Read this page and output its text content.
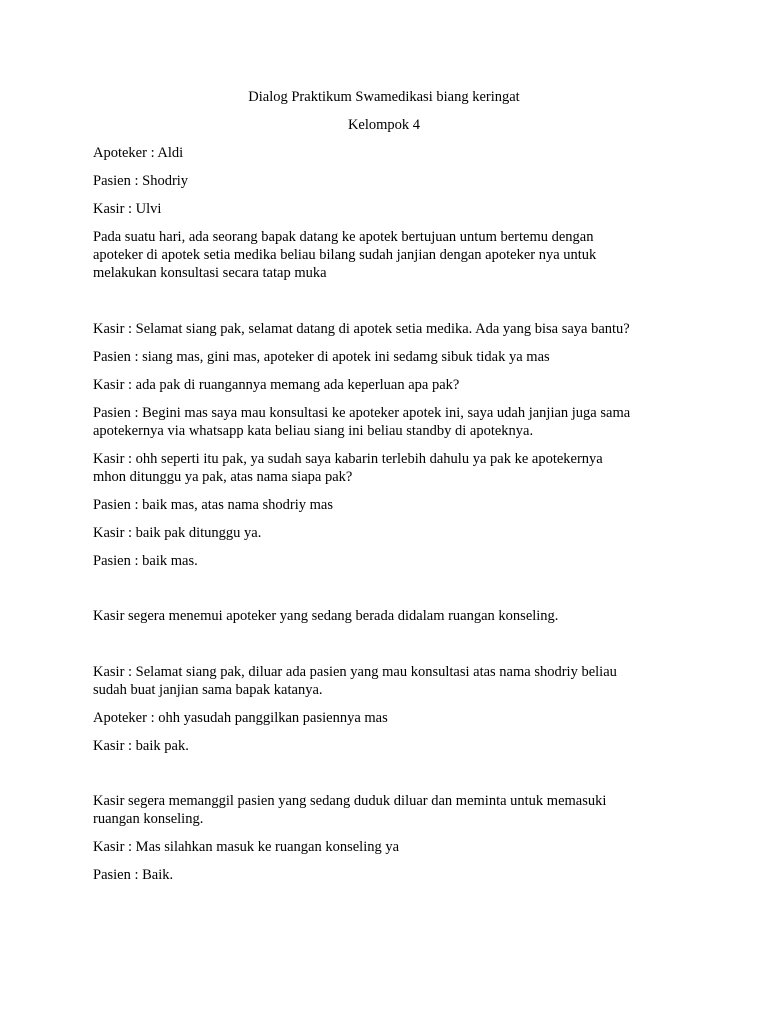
Dialog Praktikum Swamedikasi biang keringat
Kelompok 4
Apoteker : Aldi
Pasien : Shodriy
Kasir : Ulvi
Pada suatu hari, ada seorang bapak datang ke apotek bertujuan untum bertemu dengan
apoteker di apotek setia medika beliau bilang sudah janjian dengan apoteker nya untuk
melakukan konsultasi secara tatap muka
Kasir : Selamat siang pak, selamat datang di apotek setia medika. Ada yang bisa saya bantu?
Pasien : siang mas, gini mas, apoteker di apotek ini sedamg sibuk tidak ya mas
Kasir : ada pak di ruangannya memang ada keperluan apa pak?
Pasien : Begini mas saya mau konsultasi ke apoteker apotek ini, saya udah janjian juga sama
apotekernya via whatsapp kata beliau siang ini beliau standby di apoteknya.
Kasir : ohh seperti itu pak, ya sudah saya kabarin terlebih dahulu ya pak ke apotekernya
mhon ditunggu ya pak, atas nama siapa pak?
Pasien : baik mas, atas nama shodriy mas
Kasir : baik pak ditunggu ya.
Pasien : baik mas.
Kasir segera menemui apoteker yang sedang berada didalam ruangan konseling.
Kasir : Selamat siang pak, diluar ada pasien yang mau konsultasi atas nama shodriy beliau
sudah buat janjian sama bapak katanya.
Apoteker : ohh yasudah panggilkan pasiennya mas
Kasir : baik pak.
Kasir segera memanggil pasien yang sedang duduk diluar dan meminta untuk memasuki
ruangan konseling.
Kasir : Mas silahkan masuk ke ruangan konseling ya
Pasien : Baik.
